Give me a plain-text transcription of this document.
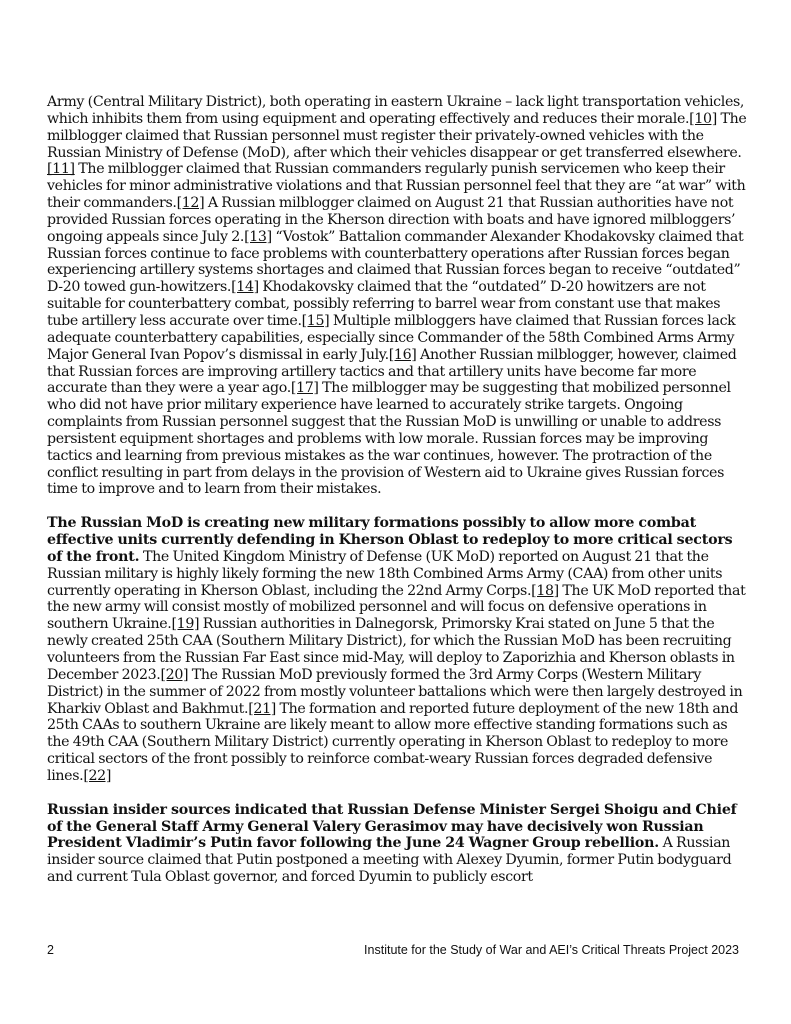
Army (Central Military District), both operating in eastern Ukraine – lack light transportation vehicles, which inhibits them from using equipment and operating effectively and reduces their morale.[10] The milblogger claimed that Russian personnel must register their privately-owned vehicles with the Russian Ministry of Defense (MoD), after which their vehicles disappear or get transferred elsewhere.[11] The milblogger claimed that Russian commanders regularly punish servicemen who keep their vehicles for minor administrative violations and that Russian personnel feel that they are “at war” with their commanders.[12] A Russian milblogger claimed on August 21 that Russian authorities have not provided Russian forces operating in the Kherson direction with boats and have ignored milbloggers’ ongoing appeals since July 2.[13] “Vostok” Battalion commander Alexander Khodakovsky claimed that Russian forces continue to face problems with counterbattery operations after Russian forces began experiencing artillery systems shortages and claimed that Russian forces began to receive “outdated” D-20 towed gun-howitzers.[14] Khodakovsky claimed that the “outdated” D-20 howitzers are not suitable for counterbattery combat, possibly referring to barrel wear from constant use that makes tube artillery less accurate over time.[15] Multiple milbloggers have claimed that Russian forces lack adequate counterbattery capabilities, especially since Commander of the 58th Combined Arms Army Major General Ivan Popov’s dismissal in early July.[16] Another Russian milblogger, however, claimed that Russian forces are improving artillery tactics and that artillery units have become far more accurate than they were a year ago.[17] The milblogger may be suggesting that mobilized personnel who did not have prior military experience have learned to accurately strike targets. Ongoing complaints from Russian personnel suggest that the Russian MoD is unwilling or unable to address persistent equipment shortages and problems with low morale. Russian forces may be improving tactics and learning from previous mistakes as the war continues, however. The protraction of the conflict resulting in part from delays in the provision of Western aid to Ukraine gives Russian forces time to improve and to learn from their mistakes.

The Russian MoD is creating new military formations possibly to allow more combat effective units currently defending in Kherson Oblast to redeploy to more critical sectors of the front. The United Kingdom Ministry of Defense (UK MoD) reported on August 21 that the Russian military is highly likely forming the new 18th Combined Arms Army (CAA) from other units currently operating in Kherson Oblast, including the 22nd Army Corps.[18] The UK MoD reported that the new army will consist mostly of mobilized personnel and will focus on defensive operations in southern Ukraine.[19] Russian authorities in Dalnegorsk, Primorsky Krai stated on June 5 that the newly created 25th CAA (Southern Military District), for which the Russian MoD has been recruiting volunteers from the Russian Far East since mid-May, will deploy to Zaporizhia and Kherson oblasts in December 2023.[20] The Russian MoD previously formed the 3rd Army Corps (Western Military District) in the summer of 2022 from mostly volunteer battalions which were then largely destroyed in Kharkiv Oblast and Bakhmut.[21] The formation and reported future deployment of the new 18th and 25th CAAs to southern Ukraine are likely meant to allow more effective standing formations such as the 49th CAA (Southern Military District) currently operating in Kherson Oblast to redeploy to more critical sectors of the front possibly to reinforce combat-weary Russian forces degraded defensive lines.[22]

Russian insider sources indicated that Russian Defense Minister Sergei Shoigu and Chief of the General Staff Army General Valery Gerasimov may have decisively won Russian President Vladimir’s Putin favor following the June 24 Wagner Group rebellion. A Russian insider source claimed that Putin postponed a meeting with Alexey Dyumin, former Putin bodyguard and current Tula Oblast governor, and forced Dyumin to publicly escort

2	Institute for the Study of War and AEI’s Critical Threats Project 2023
